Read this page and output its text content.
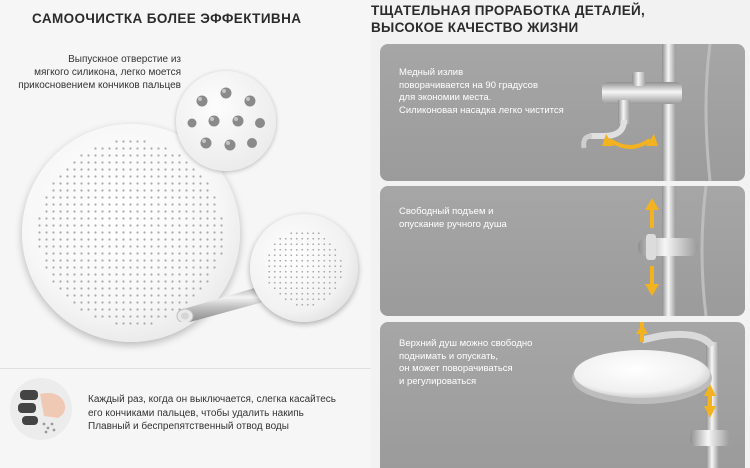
САМООЧИСТКА БОЛЕЕ ЭФФЕКТИВНА
Выпускное отверстие из
мягкого силикона, легко моется
прикосновением кончиков пальцев
Каждый раз, когда он выключается, слегка касайтесь
его кончиками пальцев, чтобы удалить накипь
Плавный и беспрепятственный отвод воды
ТЩАТЕЛЬНАЯ ПРОРАБОТКА ДЕТАЛЕЙ,
ВЫСОКОЕ КАЧЕСТВО ЖИЗНИ
Медный излив
поворачивается на 90 градусов
для экономии места.
Силиконовая насадка легко чистится
Свободный подъем и
опускание ручного душа
Верхний душ можно свободно
поднимать и опускать,
он может поворачиваться
и регулироваться
